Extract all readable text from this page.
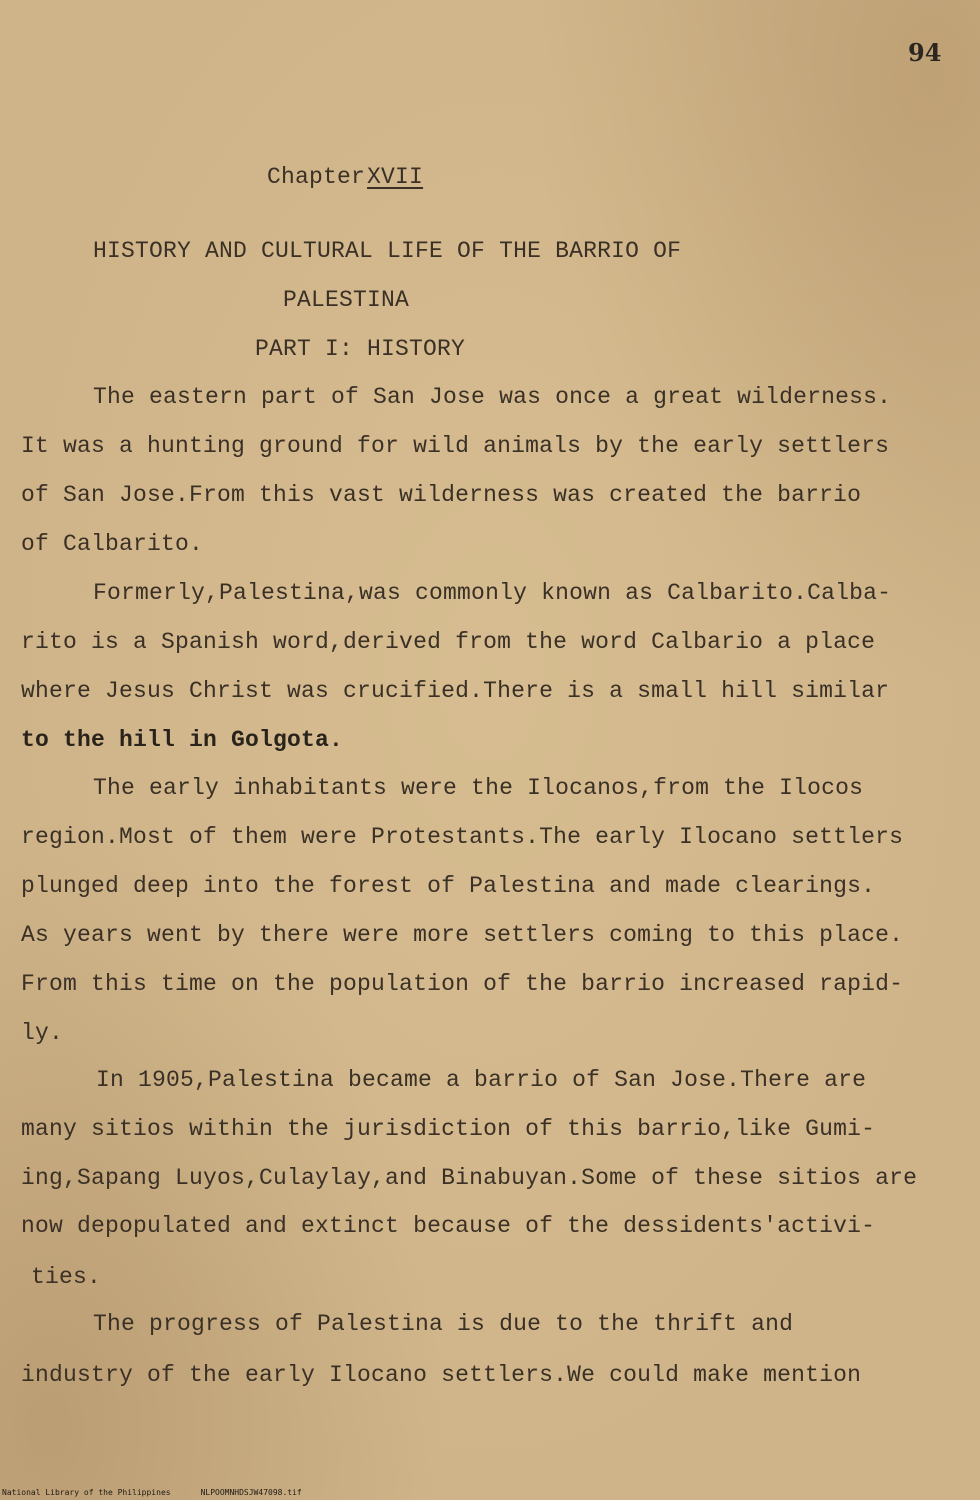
94
ChapterXVII
HISTORY AND CULTURAL LIFE OF THE BARRIO OF
PALESTINA
PART I: HISTORY
The eastern part of San Jose was once a great wilderness.
It was a hunting ground for wild animals by the early settlers
of San Jose.From this vast wilderness was created the barrio
of Calbarito.
Formerly,Palestina,was commonly known as Calbarito.Calba-
rito is a Spanish word,derived from the word Calbario a place
where Jesus Christ was crucified.There is a small hill similar
to the hill in Golgota.
The early inhabitants were the Ilocanos,from the Ilocos
region.Most of them were Protestants.The early Ilocano settlers
plunged deep into the forest of Palestina and made clearings.
As years went by there were more settlers coming to this place.
From this time on the population of the barrio increased rapid-
ly.
In 1905,Palestina became a barrio of San Jose.There are
many sitios within the jurisdiction of this barrio,like Gumi-
ing,Sapang Luyos,Culaylay,and Binabuyan.Some of these sitios are
now depopulated and extinct because of the dessidents'activi-
ties.
The progress of Palestina is due to the thrift and
industry of the early Ilocano settlers.We could make mention
National Library of the Philippines	NLPOOMNHDSJW47098.tif
